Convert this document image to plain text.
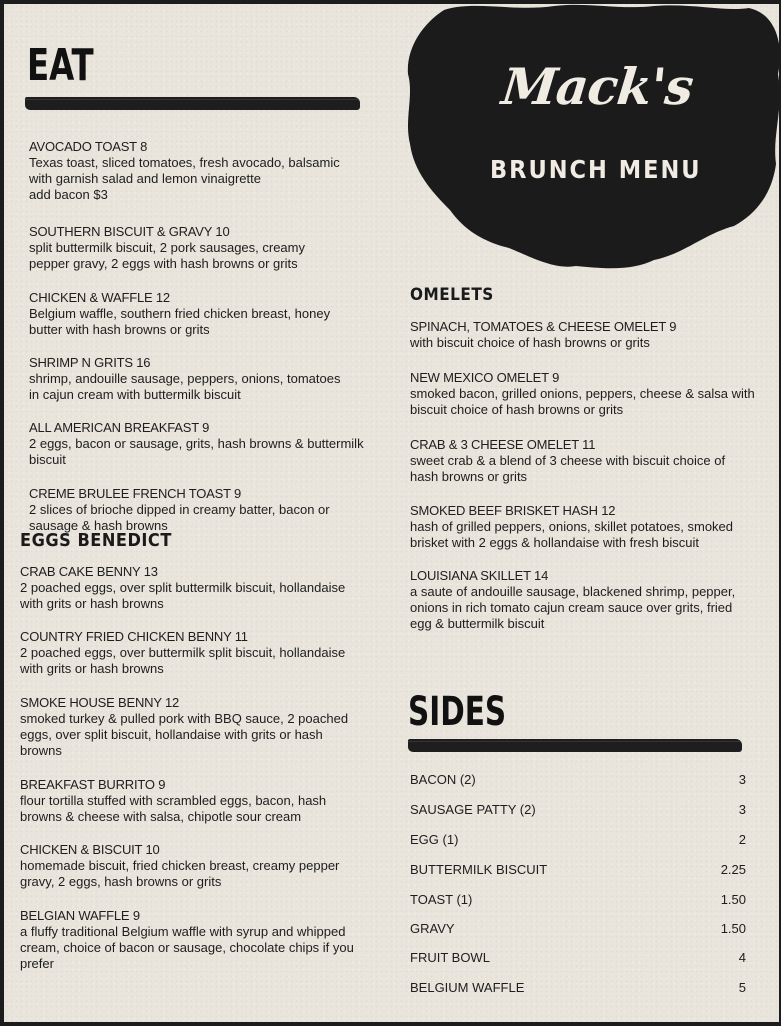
EAT	Mack's
BRUNCH MENU
AVOCADO TOAST 8
Texas toast, sliced tomatoes, fresh avocado, balsamic with garnish salad and lemon vinaigrette
add bacon $3
SOUTHERN BISCUIT & GRAVY 10
split buttermilk biscuit, 2 pork sausages, creamy pepper gravy, 2 eggs with hash browns or grits
CHICKEN & WAFFLE 12
Belgium waffle, southern fried chicken breast, honey butter with hash browns or grits
SHRIMP N GRITS 16
shrimp, andouille sausage, peppers, onions, tomatoes in cajun cream with buttermilk biscuit
ALL AMERICAN BREAKFAST 9
2 eggs, bacon or sausage, grits, hash browns & buttermilk biscuit
CREME BRULEE FRENCH TOAST 9
2 slices of brioche dipped in creamy batter, bacon or sausage & hash browns
EGGS BENEDICT
CRAB CAKE BENNY 13
2 poached eggs, over split buttermilk biscuit, hollandaise with grits or hash browns
COUNTRY FRIED CHICKEN BENNY 11
2 poached eggs, over buttermilk split biscuit, hollandaise with grits or hash browns
SMOKE HOUSE BENNY 12
smoked turkey & pulled pork with BBQ sauce, 2 poached eggs, over split biscuit, hollandaise with grits or hash browns
BREAKFAST BURRITO 9
flour tortilla stuffed with scrambled eggs, bacon, hash browns & cheese with salsa, chipotle sour cream
CHICKEN & BISCUIT 10
homemade biscuit, fried chicken breast, creamy pepper gravy, 2 eggs, hash browns or grits
BELGIAN WAFFLE 9
a fluffy traditional Belgium waffle with syrup and whipped cream, choice of bacon or sausage, chocolate chips if you prefer
OMELETS
SPINACH, TOMATOES & CHEESE OMELET 9
with biscuit choice of hash browns or grits
NEW MEXICO OMELET 9
smoked bacon, grilled onions, peppers, cheese & salsa with biscuit choice of hash browns or grits
CRAB & 3 CHEESE OMELET 11
sweet crab & a blend of 3 cheese with biscuit choice of hash browns or grits
SMOKED BEEF BRISKET HASH 12
hash of grilled peppers, onions, skillet potatoes, smoked brisket with 2 eggs & hollandaise with fresh biscuit
LOUISIANA SKILLET 14
a saute of andouille sausage, blackened shrimp, pepper, onions in rich tomato cajun cream sauce over grits, fried egg & buttermilk biscuit
SIDES
BACON (2)	3
SAUSAGE PATTY (2)	3
EGG (1)	2
BUTTERMILK BISCUIT	2.25
TOAST (1)	1.50
GRAVY	1.50
FRUIT BOWL	4
BELGIUM WAFFLE	5
